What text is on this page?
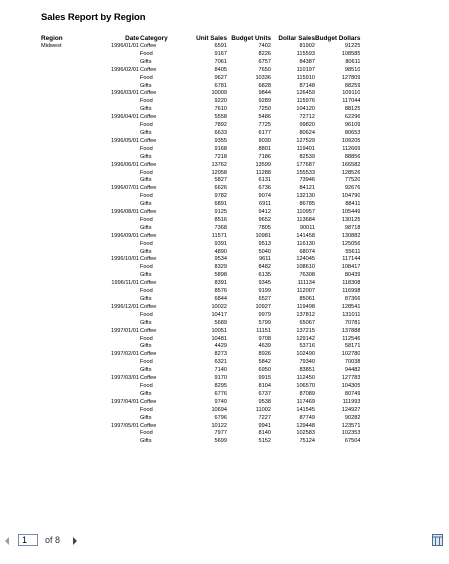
Sales Report by Region
Region	Date	Category	Unit Sales	Budget Units	Dollar Sales	Budget Dollars
Midwest	1996/01/01	Coffee	6591	7402	81902	91225
		Food	9167	8226	115593	108585
		Gifts	7061	6757	84387	80611
	1996/02/01	Coffee	8405	7650	110197	98510
		Food	9627	10336	115910	127809
		Gifts	6781	6828	87148	88259
	1996/03/01	Coffee	10009	9844	126459	109110
		Food	9220	9289	115976	117044
		Gifts	7610	7250	104120	88125
	1996/04/01	Coffee	5558	5486	72712	62296
		Food	7892	7725	99820	96109
		Gifts	6633	6177	80624	80653
	1996/05/01	Coffee	9355	9030	127529	109205
		Food	9168	8801	119401	112669
		Gifts	7218	7186	82539	88856
	1996/06/01	Coffee	13762	13599	177687	166582
		Food	12058	11288	155533	128526
		Gifts	5827	6131	73946	77520
	1996/07/01	Coffee	6626	6736	84121	92676
		Food	9782	9074	132130	104790
		Gifts	6891	6911	86785	88411
	1996/08/01	Coffee	9125	9412	110957	105449
		Food	8516	9652	113684	130125
		Gifts	7368	7805	90011	98718
	1996/09/01	Coffee	11571	10981	141458	130882
		Food	9391	9513	116130	125056
		Gifts	4890	5040	68074	55611
	1996/10/01	Coffee	9534	9611	124045	117144
		Food	8329	8482	108610	108417
		Gifts	5898	6135	76308	80439
	1996/11/01	Coffee	8391	9345	111134	118308
		Food	8576	9199	112007	116998
		Gifts	6844	6527	85061	87366
	1996/12/01	Coffee	10022	10927	119498	128541
		Food	10417	9979	137812	131011
		Gifts	5689	5799	65067	70781
	1997/01/01	Coffee	10051	11151	137215	137888
		Food	10481	9708	129142	112546
		Gifts	4429	4639	53716	58171
	1997/02/01	Coffee	8273	8926	102490	102780
		Food	6321	5842	79340	70038
		Gifts	7140	6950	83851	94482
	1997/03/01	Coffee	9170	9915	112450	127783
		Food	8295	8104	106570	104305
		Gifts	6776	6737	87089	80749
	1997/04/01	Coffee	9740	9538	117469	111993
		Food	10694	11002	141545	124927
		Gifts	6796	7227	87749	90282
	1997/05/01	Coffee	10122	9941	129448	123571
		Food	7977	8140	102583	102353
		Gifts	5699	5152	75124	67504
1
of 8
